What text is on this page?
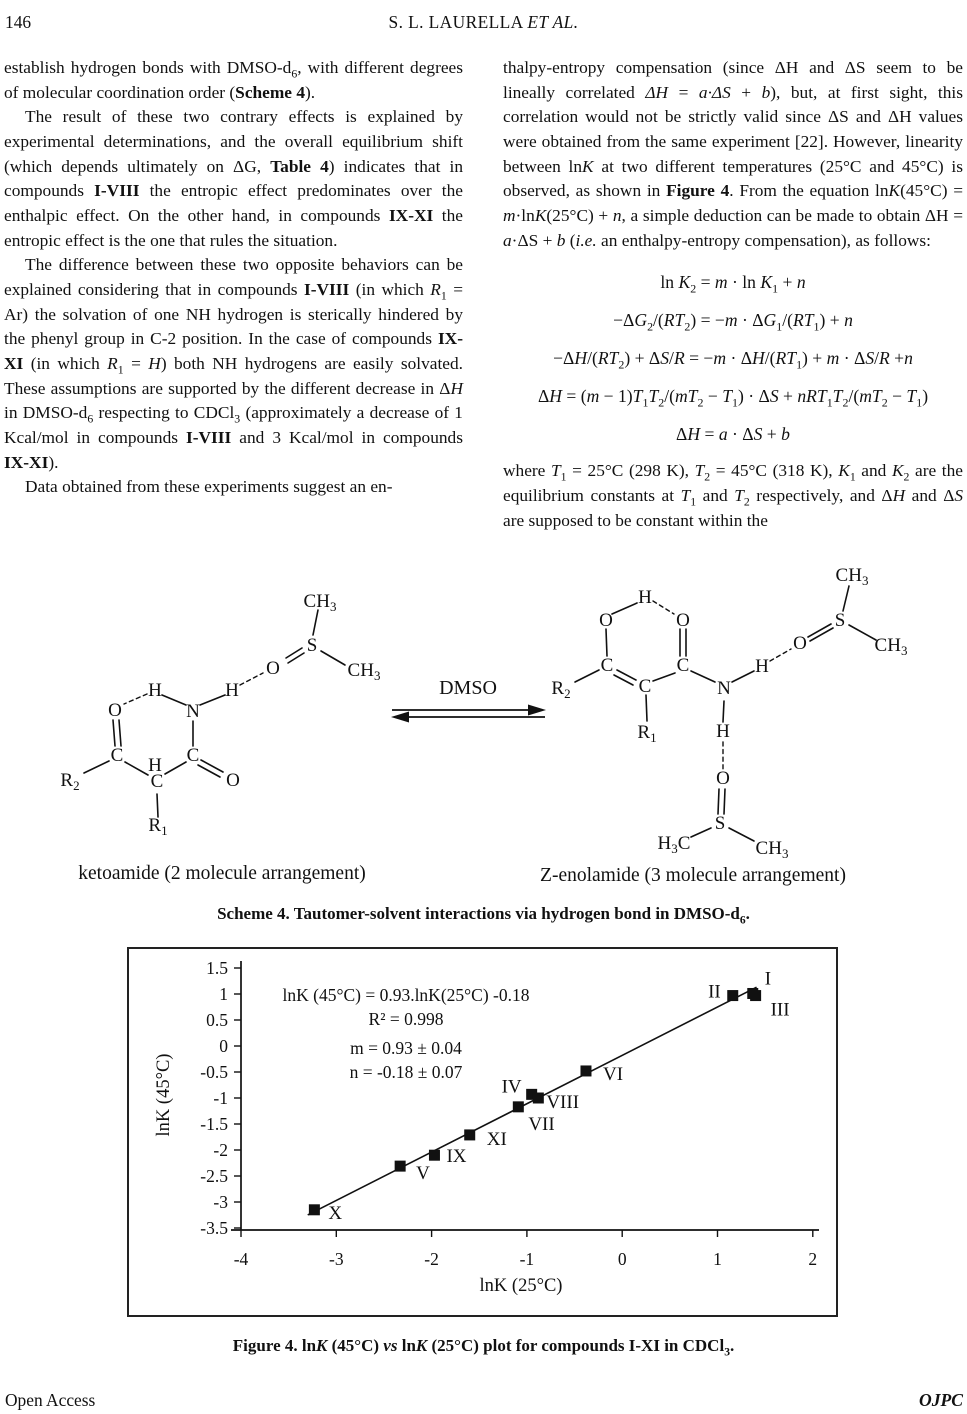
146	S. L. LAURELLA ET AL.

establish hydrogen bonds with DMSO-$d_6$, with different degrees of molecular coordination order (Scheme 4).

The result of these two contrary effects is explained by experimental determinations, and the overall equilibrium shift (which depends ultimately on ΔG, Table 4) indicates that in compounds I-VIII the entropic effect predominates over the enthalpic effect. On the other hand, in compounds IX-XI the entropic effect is the one that rules the situation.

The difference between these two opposite behaviors can be explained considering that in compounds I-VIII (in which $R_1 = Ar$) the solvation of one NH hydrogen is sterically hindered by the phenyl group in C-2 position. In the case of compounds IX-XI (in which $R_1 = H$) both NH hydrogens are easily solvated. These assumptions are supported by the different decrease in ΔH in DMSO-$d_6$ respecting to CDCl$_3$ (approximately a decrease of 1 Kcal/mol in compounds I-VIII and 3 Kcal/mol in compounds IX-XI).

Data obtained from these experiments suggest an en-

thalpy-entropy compensation (since ΔH and ΔS seem to be lineally correlated ΔH = a·ΔS + b), but, at first sight, this correlation would not be strictly valid since ΔS and ΔH values were obtained from the same experiment [22]. However, linearity between lnK at two different temperatures (25°C and 45°C) is observed, as shown in Figure 4. From the equation lnK(45°C) = m·lnK(25°C) + n, a simple deduction can be made to obtain ΔH = a·ΔS + b (i.e. an enthalpy-entropy compensation), as follows:

$\ln K_2 = m \cdot \ln K_1 + n$
$-\Delta G_2/(RT_2) = -m \cdot \Delta G_1/(RT_1) + n$
$-\Delta H/(RT_2) + \Delta S/R = -m \cdot \Delta H/(RT_1) + m \cdot \Delta S/R +n$
$\Delta H = (m - 1)T_1T_2/(mT_2 - T_1) \cdot \Delta S + nRT_1T_2/(mT_2 - T_1)$
ΔH = a · ΔS + b

where $T_1 = 25^\circ C$ (298 K), $T_2 = 45^\circ C$ (318 K), $K_1$ and $K_2$ are the equilibrium constants at $T_1$ and $T_2$ respectively, and ΔH and ΔS are supposed to be constant within the

$CH_3$
S
O	$CH_3$
H
H
N
O
C
$R_2$
H
C
C
O
$R_1$
ketoamide (2 molecule arrangement)
DMSO
H
O	O
C
$R_2$	C
$R_1$
C
N
H
O
S
$CH_3$
$CH_3$
H
O
S
$H_3C$	$CH_3$
Z-enolamide (3 molecule arrangement)
Scheme 4. Tautomer-solvent interactions via hydrogen bond in DMSO-$d_6$.
1.5
1
0.5
0
-0.5
-1
-1.5
-2
-2.5
-3
-3.5
-4	-3	-2	-1	0	1	2
I
II
III
IV
V
VI
VII
VIII
IX
X
XI
lnK (45°C) = 0.93.lnK(25°C) -0.18
R² = 0.998
m = 0.93 ± 0.04
n = -0.18 ± 0.07
lnK (25°C)
lnK (45°C)
Figure 4. lnK (45°C) vs lnK (25°C) plot for compounds I-XI in CDCl$_3$.
Open Access	OJPC
